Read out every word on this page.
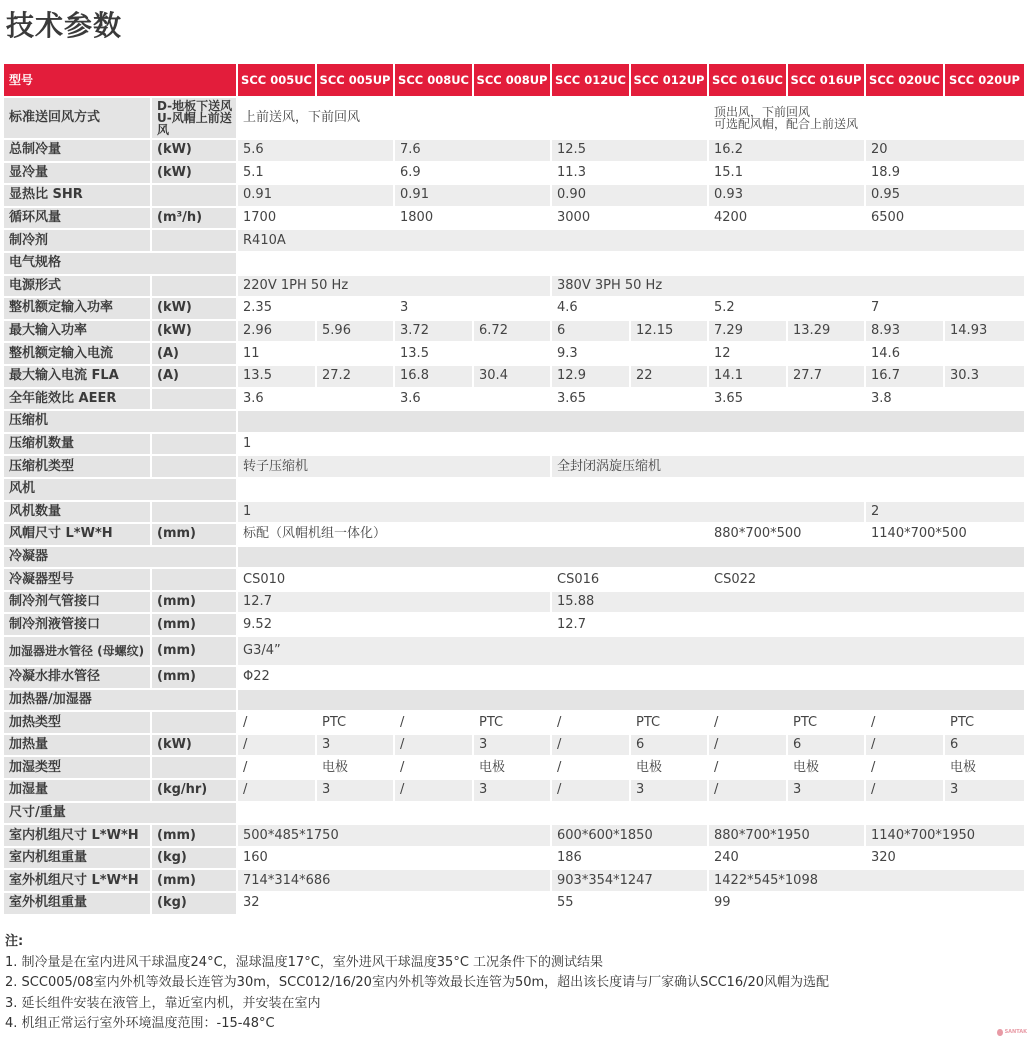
技术参数
型号		SCC 005UC	SCC 005UP	SCC 008UC	SCC 008UP	SCC 012UC	SCC 012UP	SCC 016UC	SCC 016UP	SCC 020UC	SCC 020UP
标准送回风方式	D-地板下送风 U-风帽上前送风	上前送风，下前回风						顶出风，下前回风
可选配风帽，配合上前送风			
总制冷量	(kW)	5.6		7.6		12.5		16.2		20	
显冷量	(kW)	5.1		6.9		11.3		15.1		18.9	
显热比 SHR		0.91		0.91		0.90		0.93		0.95	
循环风量	(m³/h)	1700		1800		3000		4200		6500	
制冷剂		R410A									
电气规格											
电源形式		220V 1PH 50 Hz				380V 3PH 50 Hz					
整机额定输入功率	(kW)	2.35		3		4.6		5.2		7	
最大输入功率	(kW)	2.96	5.96	3.72	6.72	6	12.15	7.29	13.29	8.93	14.93
整机额定输入电流	(A)	11		13.5		9.3		12		14.6	
最大输入电流 FLA	(A)	13.5	27.2	16.8	30.4	12.9	22	14.1	27.7	16.7	30.3
全年能效比 AEER		3.6		3.6		3.65		3.65		3.8	
压缩机											
压缩机数量		1									
压缩机类型		转子压缩机				全封闭涡旋压缩机					
风机											
风机数量		1								2	
风帽尺寸 L*W*H	(mm)	标配（风帽机组一体化）						880*700*500		1140*700*500	
冷凝器											
冷凝器型号		CS010				CS016		CS022			
制冷剂气管接口	(mm)	12.7				15.88					
制冷剂液管接口	(mm)	9.52				12.7					
加湿器进水管径 (母螺纹)	(mm)	G3/4”									
冷凝水排水管径	(mm)	Φ22									
加热器/加湿器											
加热类型		/	PTC	/	PTC	/	PTC	/	PTC	/	PTC
加热量	(kW)	/	3	/	3	/	6	/	6	/	6
加湿类型		/	电极	/	电极	/	电极	/	电极	/	电极
加湿量	(kg/hr)	/	3	/	3	/	3	/	3	/	3
尺寸/重量											
室内机组尺寸 L*W*H	(mm)	500*485*1750				600*600*1850		880*700*1950		1140*700*1950	
室内机组重量	(kg)	160				186		240		320	
室外机组尺寸 L*W*H	(mm)	714*314*686				903*354*1247		1422*545*1098			
室外机组重量	(kg)	32				55		99			
注:
1. 制冷量是在室内进风干球温度24°C，湿球温度17°C，室外进风干球温度35°C 工况条件下的测试结果
2. SCC005/08室内外机等效最长连管为30m，SCC012/16/20室内外机等效最长连管为50m，超出该长度请与厂家确认SCC16/20风帽为选配
3. 延长组件安装在液管上，靠近室内机，并安装在室内
4. 机组正常运行室外环境温度范围：-15-48°C
SANTAK
